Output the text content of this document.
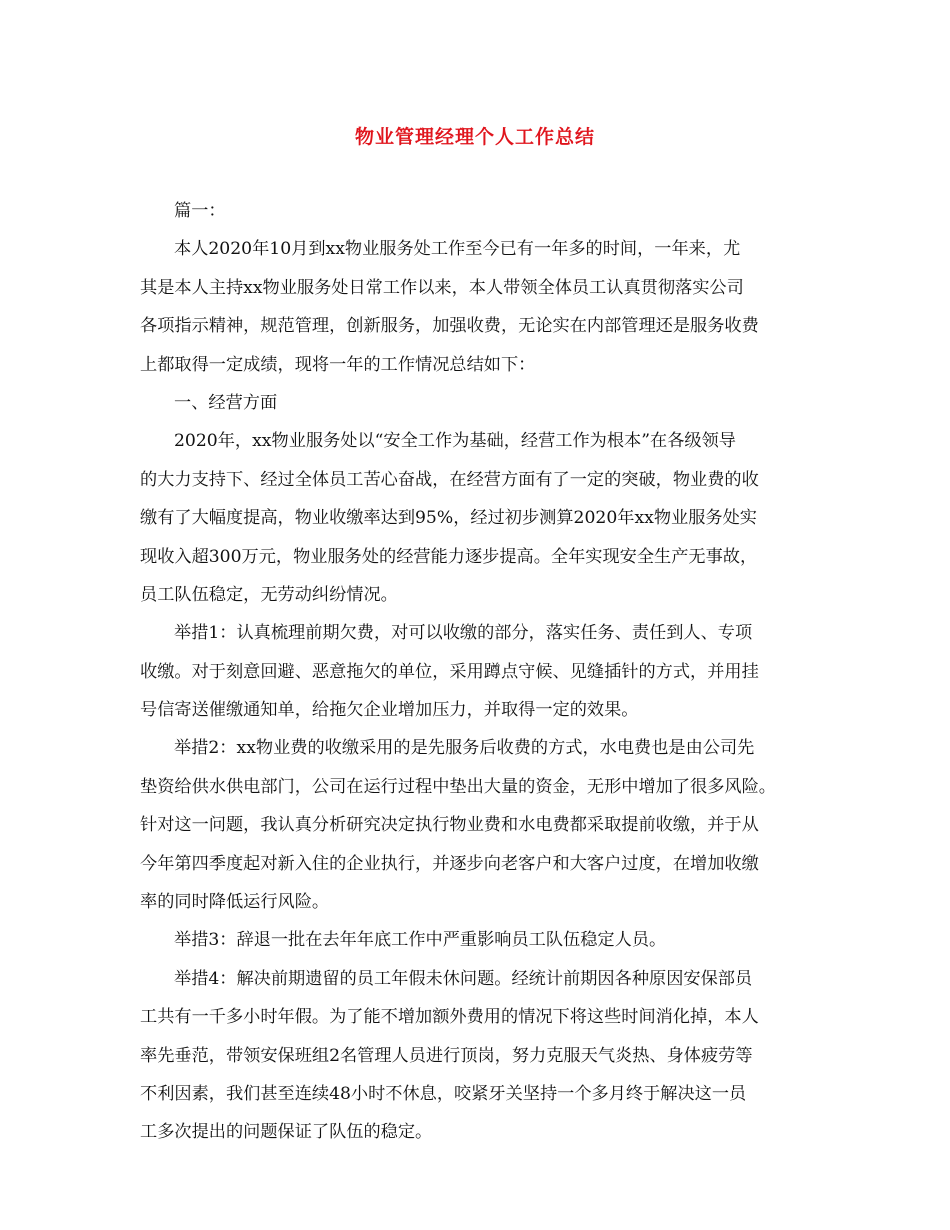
物业管理经理个人工作总结
篇一：
本人2020年10月到xx物业服务处工作至今已有一年多的时间，一年来，尤
其是本人主持xx物业服务处日常工作以来，本人带领全体员工认真贯彻落实公司
各项指示精神，规范管理，创新服务，加强收费，无论实在内部管理还是服务收费
上都取得一定成绩，现将一年的工作情况总结如下：
一、经营方面
2020年，xx物业服务处以“安全工作为基础，经营工作为根本”在各级领导
的大力支持下、经过全体员工苦心奋战，在经营方面有了一定的突破，物业费的收
缴有了大幅度提高，物业收缴率达到95%，经过初步测算2020年xx物业服务处实
现收入超300万元，物业服务处的经营能力逐步提高。全年实现安全生产无事故，
员工队伍稳定，无劳动纠纷情况。
举措1：认真梳理前期欠费，对可以收缴的部分，落实任务、责任到人、专项
收缴。对于刻意回避、恶意拖欠的单位，采用蹲点守候、见缝插针的方式，并用挂
号信寄送催缴通知单，给拖欠企业增加压力，并取得一定的效果。
举措2：xx物业费的收缴采用的是先服务后收费的方式，水电费也是由公司先
垫资给供水供电部门，公司在运行过程中垫出大量的资金，无形中增加了很多风险。
针对这一问题，我认真分析研究决定执行物业费和水电费都采取提前收缴，并于从
今年第四季度起对新入住的企业执行，并逐步向老客户和大客户过度，在增加收缴
率的同时降低运行风险。
举措3：辞退一批在去年年底工作中严重影响员工队伍稳定人员。
举措4：解决前期遗留的员工年假未休问题。经统计前期因各种原因安保部员
工共有一千多小时年假。为了能不增加额外费用的情况下将这些时间消化掉，本人
率先垂范，带领安保班组2名管理人员进行顶岗，努力克服天气炎热、身体疲劳等
不利因素，我们甚至连续48小时不休息，咬紧牙关坚持一个多月终于解决这一员
工多次提出的问题保证了队伍的稳定。
